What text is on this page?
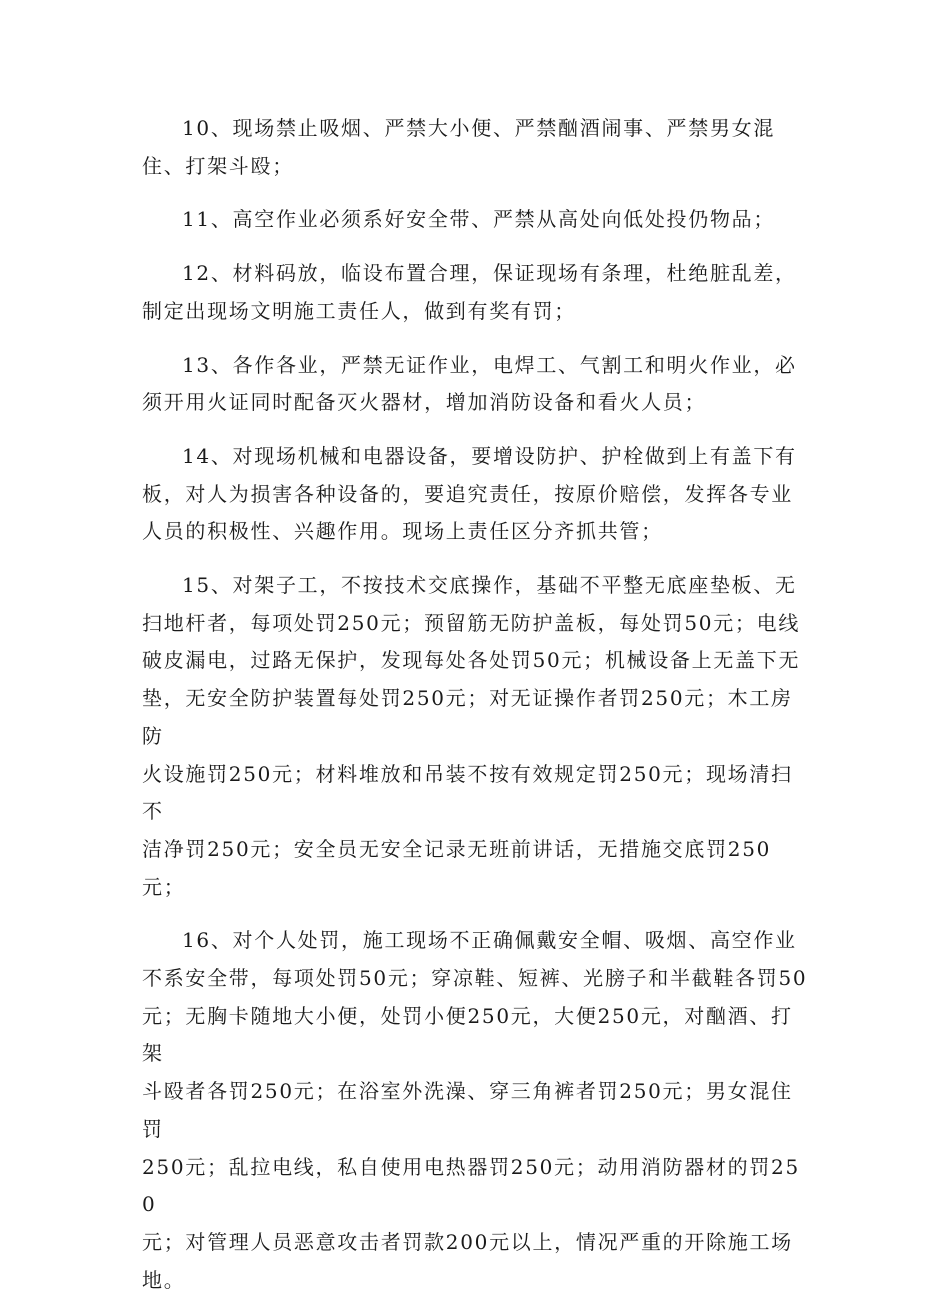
10、现场禁止吸烟、严禁大小便、严禁酗酒闹事、严禁男女混
住、打架斗殴；

11、高空作业必须系好安全带、严禁从高处向低处投仍物品；

12、材料码放，临设布置合理，保证现场有条理，杜绝脏乱差，
制定出现场文明施工责任人，做到有奖有罚；

13、各作各业，严禁无证作业，电焊工、气割工和明火作业，必
须开用火证同时配备灭火器材，增加消防设备和看火人员；

14、对现场机械和电器设备，要增设防护、护栓做到上有盖下有
板，对人为损害各种设备的，要追究责任，按原价赔偿，发挥各专业
人员的积极性、兴趣作用。现场上责任区分齐抓共管；

15、对架子工，不按技术交底操作，基础不平整无底座垫板、无
扫地杆者，每项处罚250元；预留筋无防护盖板，每处罚50元；电线
破皮漏电，过路无保护，发现每处各处罚50元；机械设备上无盖下无
垫，无安全防护装置每处罚250元；对无证操作者罚250元；木工房防
火设施罚250元；材料堆放和吊装不按有效规定罚250元；现场清扫不
洁净罚250元；安全员无安全记录无班前讲话，无措施交底罚250元；

16、对个人处罚，施工现场不正确佩戴安全帽、吸烟、高空作业
不系安全带，每项处罚50元；穿凉鞋、短裤、光膀子和半截鞋各罚50
元；无胸卡随地大小便，处罚小便250元，大便250元，对酗酒、打架
斗殴者各罚250元；在浴室外洗澡、穿三角裤者罚250元；男女混住罚
250元；乱拉电线，私自使用电热器罚250元；动用消防器材的罚250
元；对管理人员恶意攻击者罚款200元以上，情况严重的开除施工场
地。
